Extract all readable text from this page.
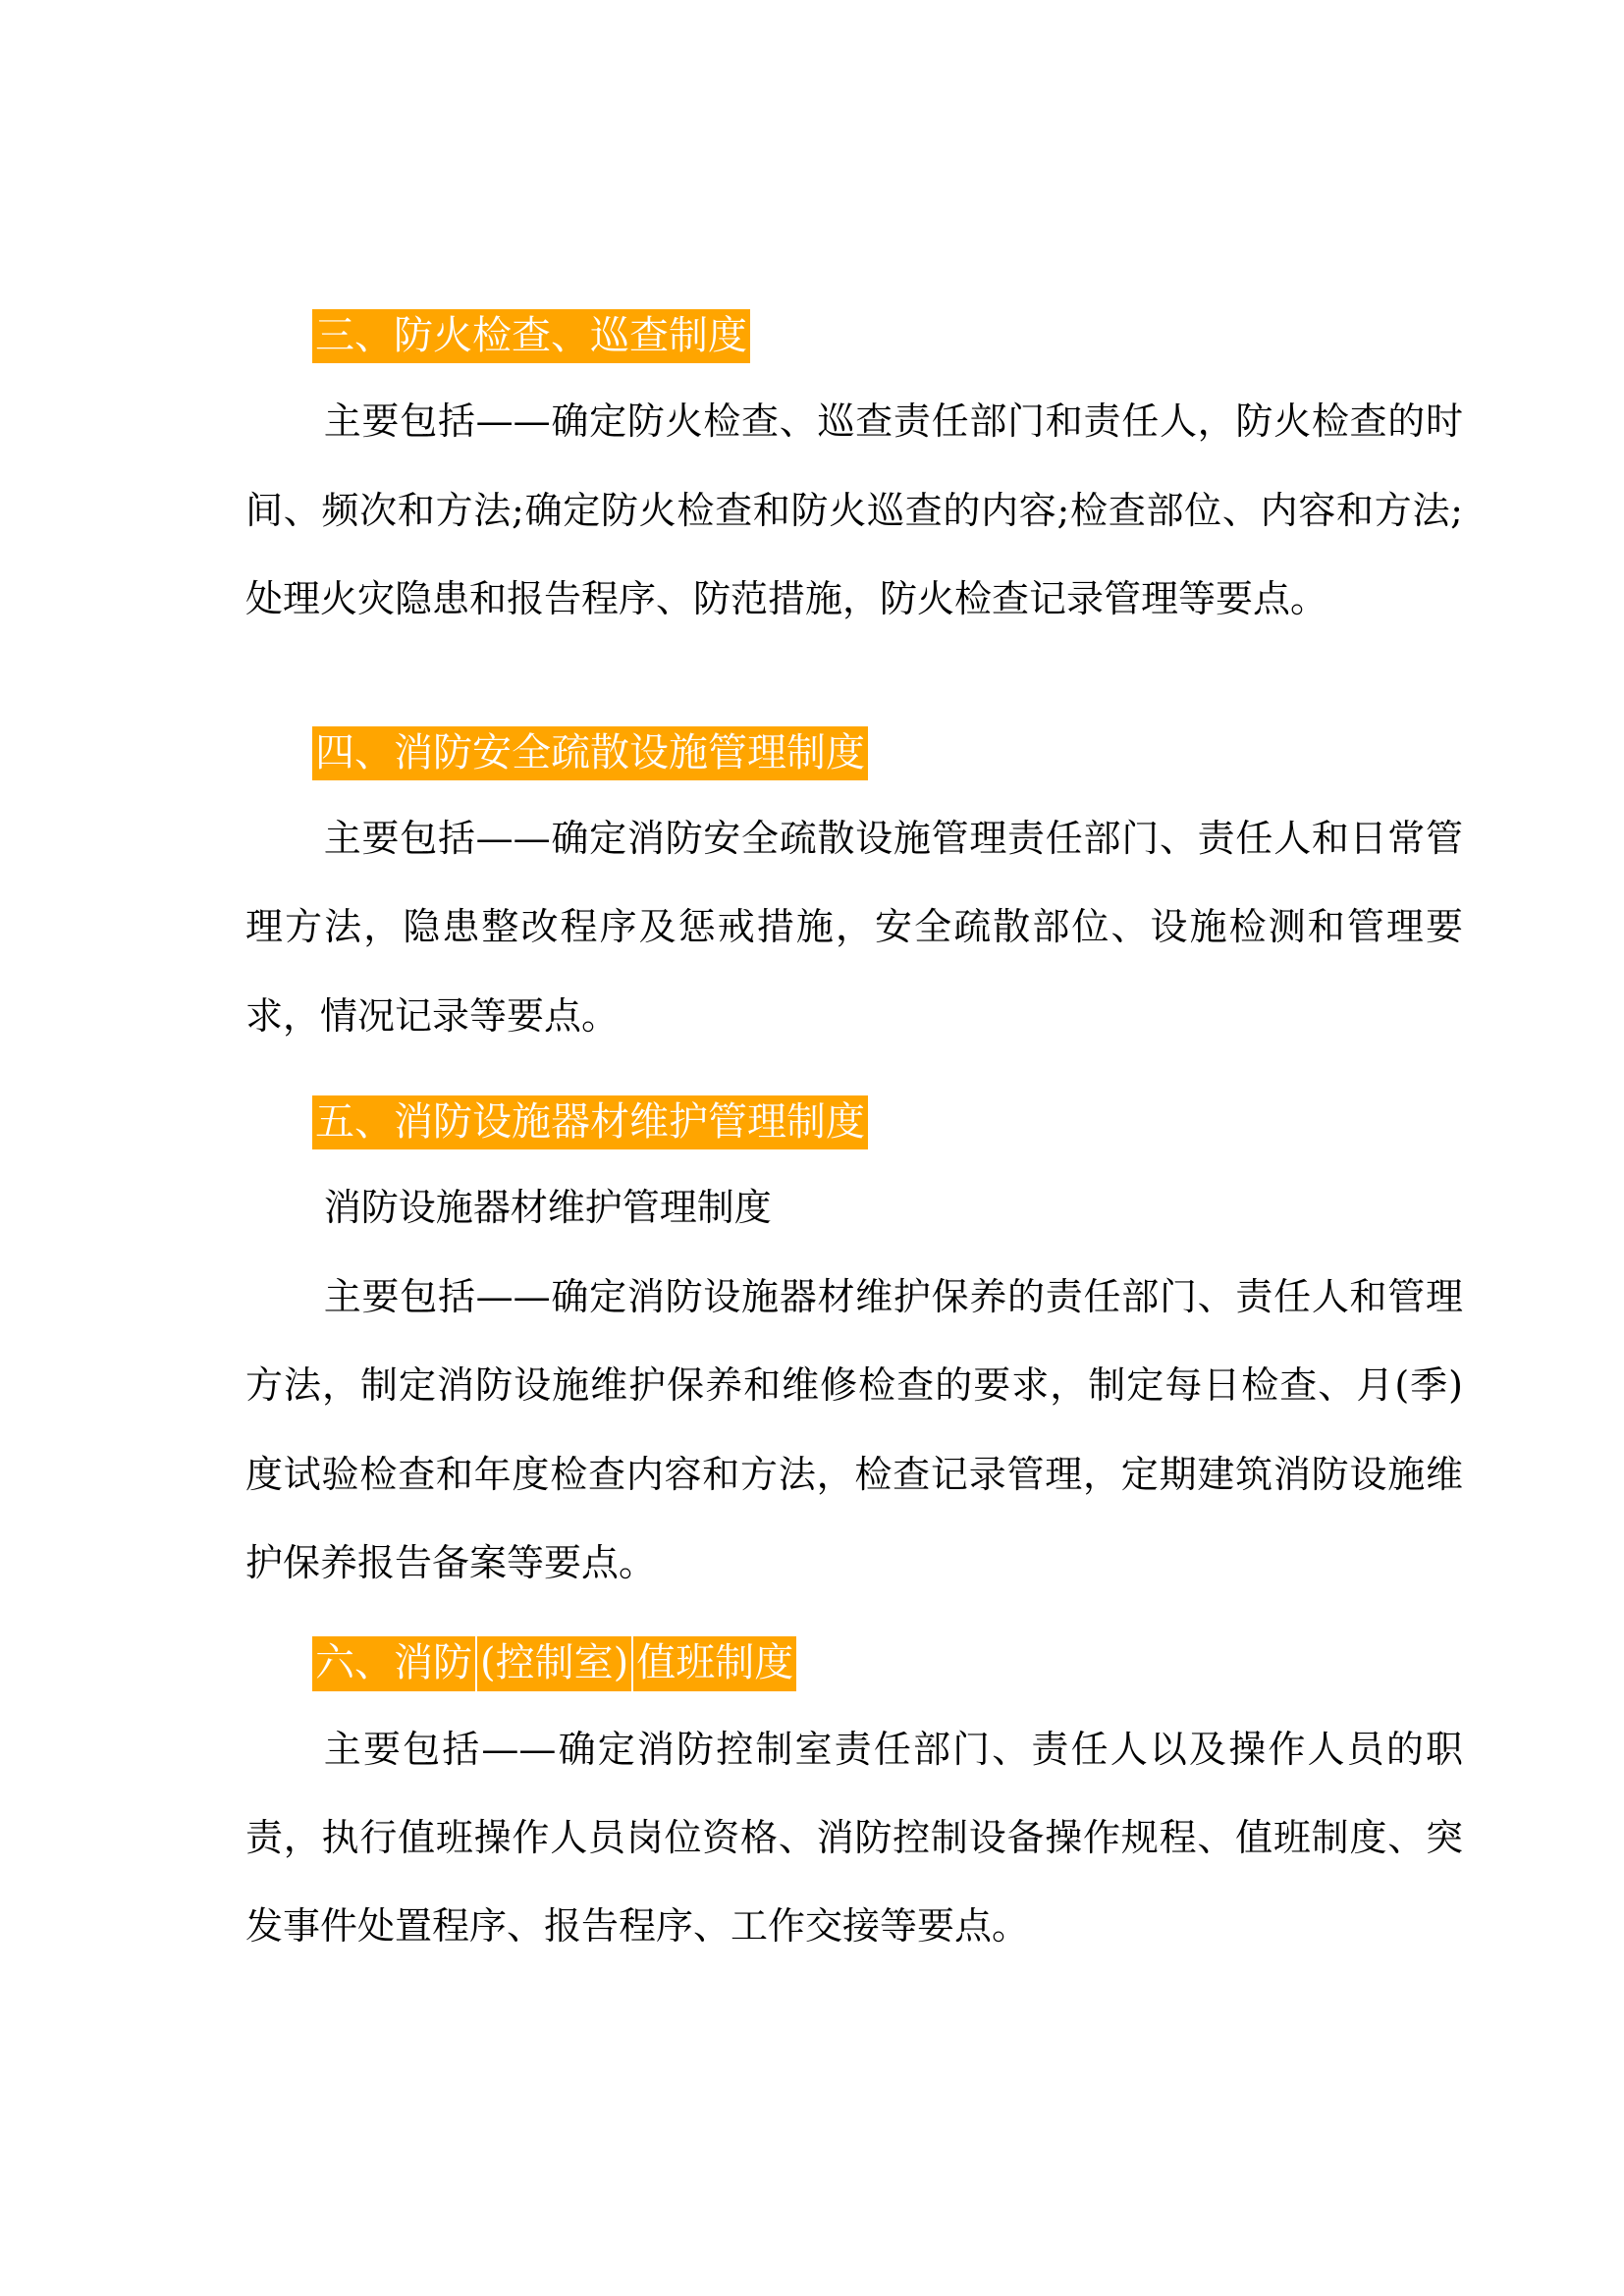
三、防火检查、巡查制度

主要包括——确定防火检查、巡查责任部门和责任人，防火检查的时间、频次和方法;确定防火检查和防火巡查的内容;检查部位、内容和方法;处理火灾隐患和报告程序、防范措施，防火检查记录管理等要点。

四、消防安全疏散设施管理制度

主要包括——确定消防安全疏散设施管理责任部门、责任人和日常管理方法，隐患整改程序及惩戒措施，安全疏散部位、设施检测和管理要求，情况记录等要点。

五、消防设施器材维护管理制度

消防设施器材维护管理制度

主要包括——确定消防设施器材维护保养的责任部门、责任人和管理方法，制定消防设施维护保养和维修检查的要求，制定每日检查、月(季)度试验检查和年度检查内容和方法，检查记录管理，定期建筑消防设施维护保养报告备案等要点。

六、消防 (控制室) 值班制度

主要包括——确定消防控制室责任部门、责任人以及操作人员的职责，执行值班操作人员岗位资格、消防控制设备操作规程、值班制度、突发事件处置程序、报告程序、工作交接等要点。
